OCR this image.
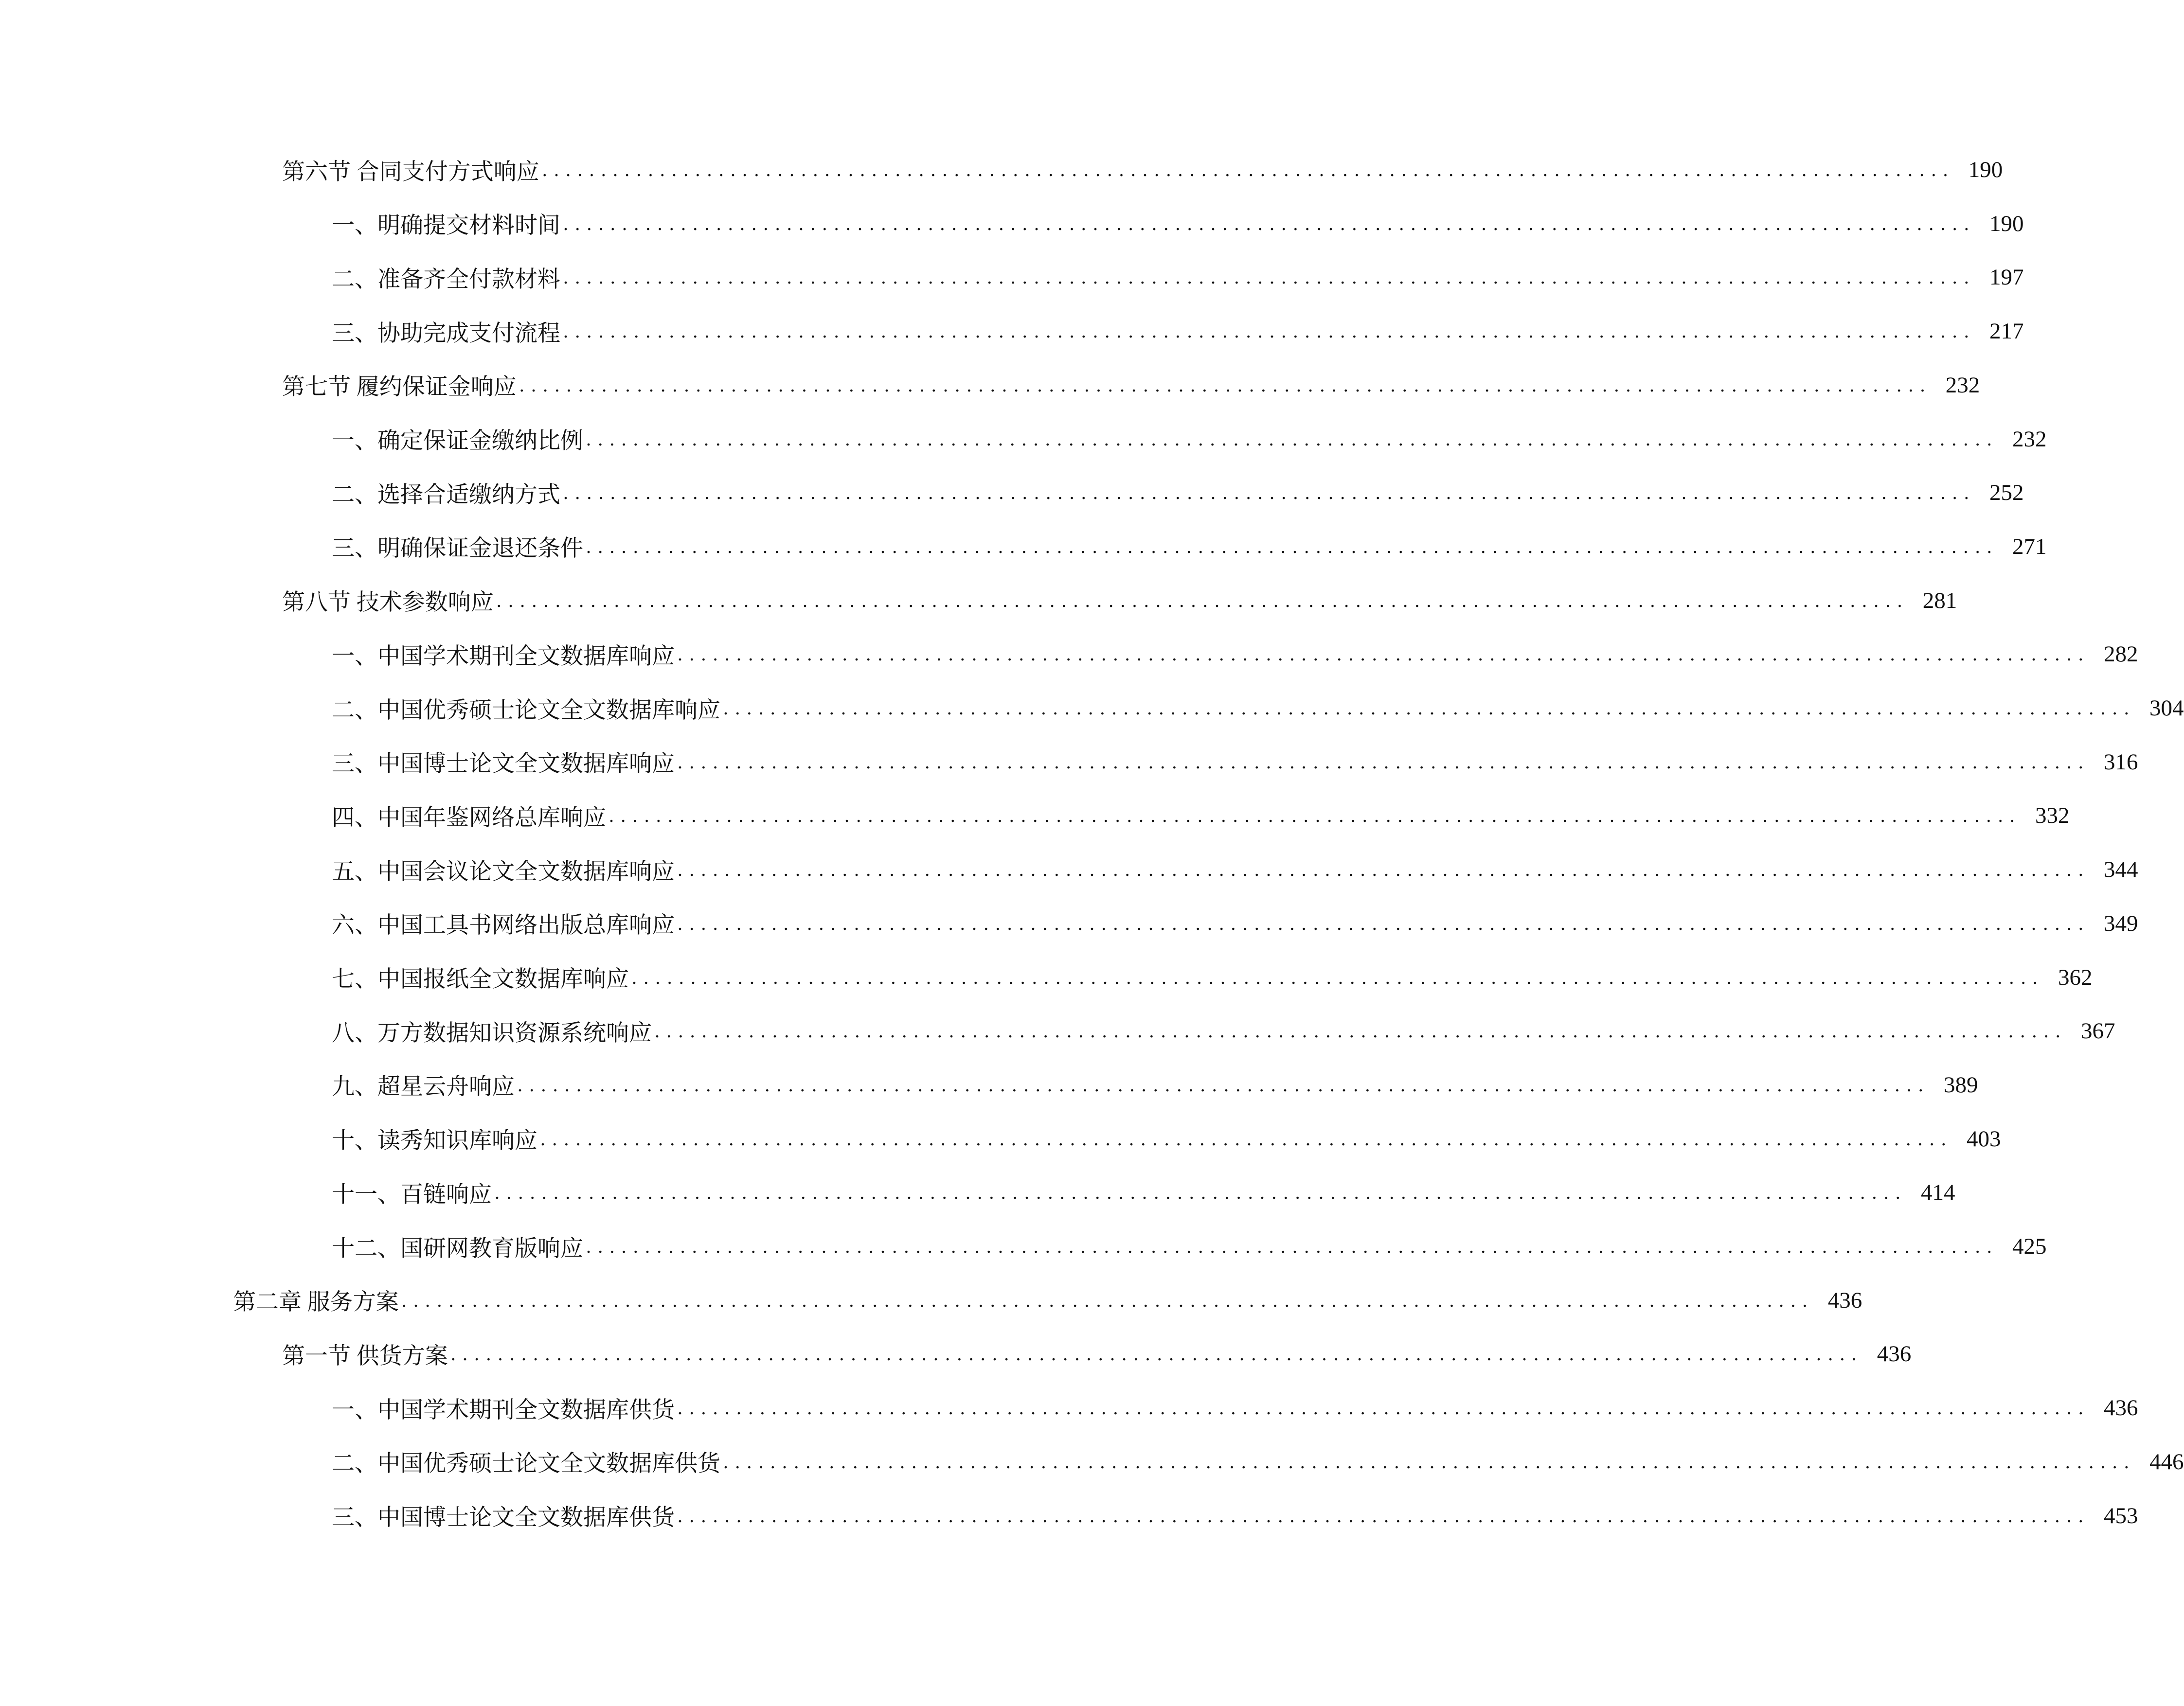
第六节 合同支付方式响应 ........................................................................................................................ 190
一、 明确提交材料时间 ........................................................................................................................ 190
二、 准备齐全付款材料 ........................................................................................................................ 197
三、 协助完成支付流程 ........................................................................................................................ 217
第七节 履约保证金响应 ........................................................................................................................ 232
一、 确定保证金缴纳比例 ........................................................................................................................ 232
二、 选择合适缴纳方式 ........................................................................................................................ 252
三、 明确保证金退还条件 ........................................................................................................................ 271
第八节 技术参数响应 ........................................................................................................................ 281
一、 中国学术期刊全文数据库响应 ........................................................................................................................ 282
二、 中国优秀硕士论文全文数据库响应 ........................................................................................................................ 304
三、 中国博士论文全文数据库响应 ........................................................................................................................ 316
四、 中国年鉴网络总库响应 ........................................................................................................................ 332
五、 中国会议论文全文数据库响应 ........................................................................................................................ 344
六、 中国工具书网络出版总库响应 ........................................................................................................................ 349
七、 中国报纸全文数据库响应 ........................................................................................................................ 362
八、 万方数据知识资源系统响应 ........................................................................................................................ 367
九、 超星云舟响应 ........................................................................................................................ 389
十、 读秀知识库响应 ........................................................................................................................ 403
十一、 百链响应 ........................................................................................................................ 414
十二、 国研网教育版响应 ........................................................................................................................ 425
第二章 服务方案 ........................................................................................................................ 436
第一节 供货方案 ........................................................................................................................ 436
一、 中国学术期刊全文数据库供货 ........................................................................................................................ 436
二、 中国优秀硕士论文全文数据库供货 ........................................................................................................................ 446
三、 中国博士论文全文数据库供货 ........................................................................................................................ 453
